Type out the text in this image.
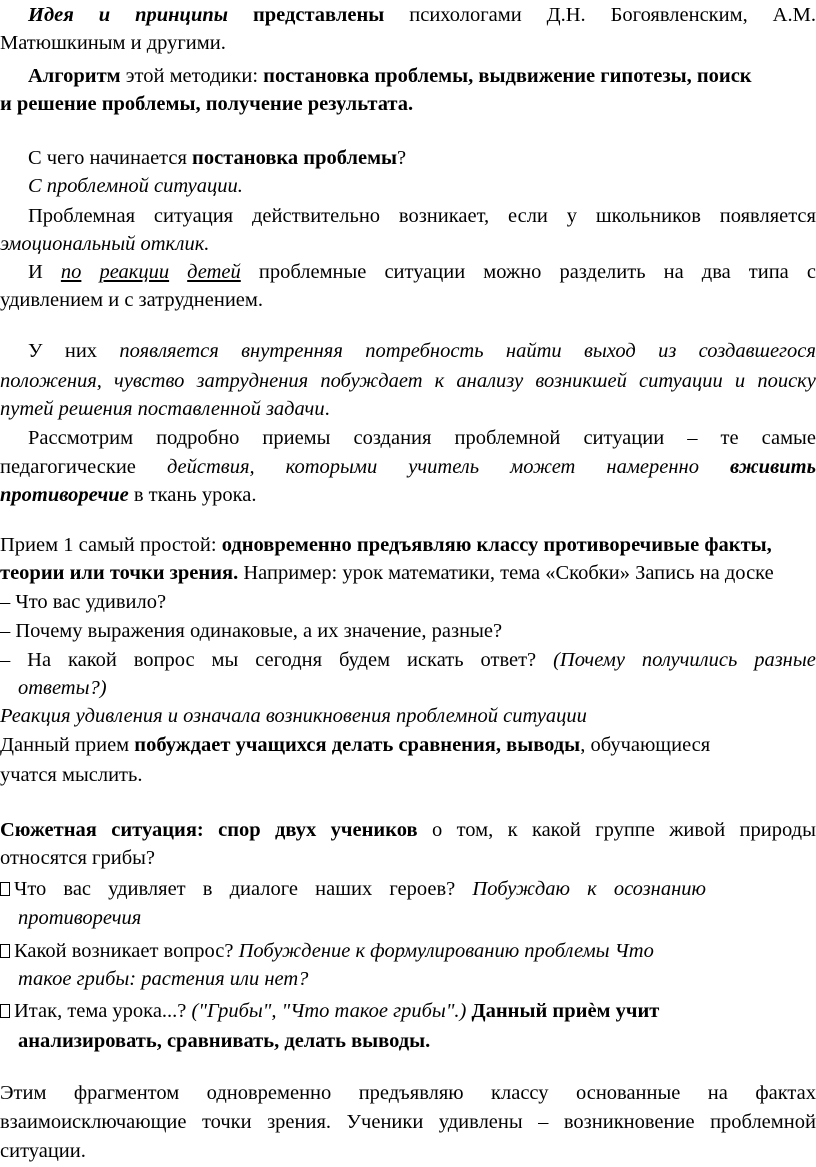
Идея и принципы представлены психологами Д.Н. Богоявленским, А.М.
Матюшкиным и другими.
Алгоритм этой методики: постановка проблемы, выдвижение гипотезы, поиск
и решение проблемы, получение результата.
С чего начинается постановка проблемы?
С проблемной ситуации.
Проблемная ситуация действительно возникает, если у школьников появляется
эмоциональный отклик.
И по реакции детей проблемные ситуации можно разделить на два типа с
удивлением и с затруднением.
У них появляется внутренняя потребность найти выход из создавшегося
положения, чувство затруднения побуждает к анализу возникшей ситуации и поиску
путей решения поставленной задачи.
Рассмотрим подробно приемы создания проблемной ситуации – те самые
педагогические действия, которыми учитель может намеренно вживить
противоречие в ткань урока.
Прием 1 самый простой: одновременно предъявляю классу противоречивые факты,
теории или точки зрения. Например: урок математики, тема «Скобки» Запись на доске
– Что вас удивило?
– Почему выражения одинаковые, а их значение, разные?
– На какой вопрос мы сегодня будем искать ответ? (Почему получились разные
ответы?)
Реакция удивления и означала возникновения проблемной ситуации
Данный прием побуждает учащихся делать сравнения, выводы, обучающиеся
учатся мыслить.
Сюжетная ситуация: спор двух учеников о том, к какой группе живой природы
относятся грибы?
Что вас удивляет в диалоге наших героев? Побуждаю к осознанию
противоречия
Какой возникает вопрос? Побуждение к формулированию проблемы Что
такое грибы: растения или нет?
Итак, тема урока...? ("Грибы", "Что такое грибы".) Данный приѐм учит
анализировать, сравнивать, делать выводы.
Этим фрагментом одновременно предъявляю классу основанные на фактах
взаимоисключающие точки зрения. Ученики удивлены – возникновение проблемной
ситуации.
